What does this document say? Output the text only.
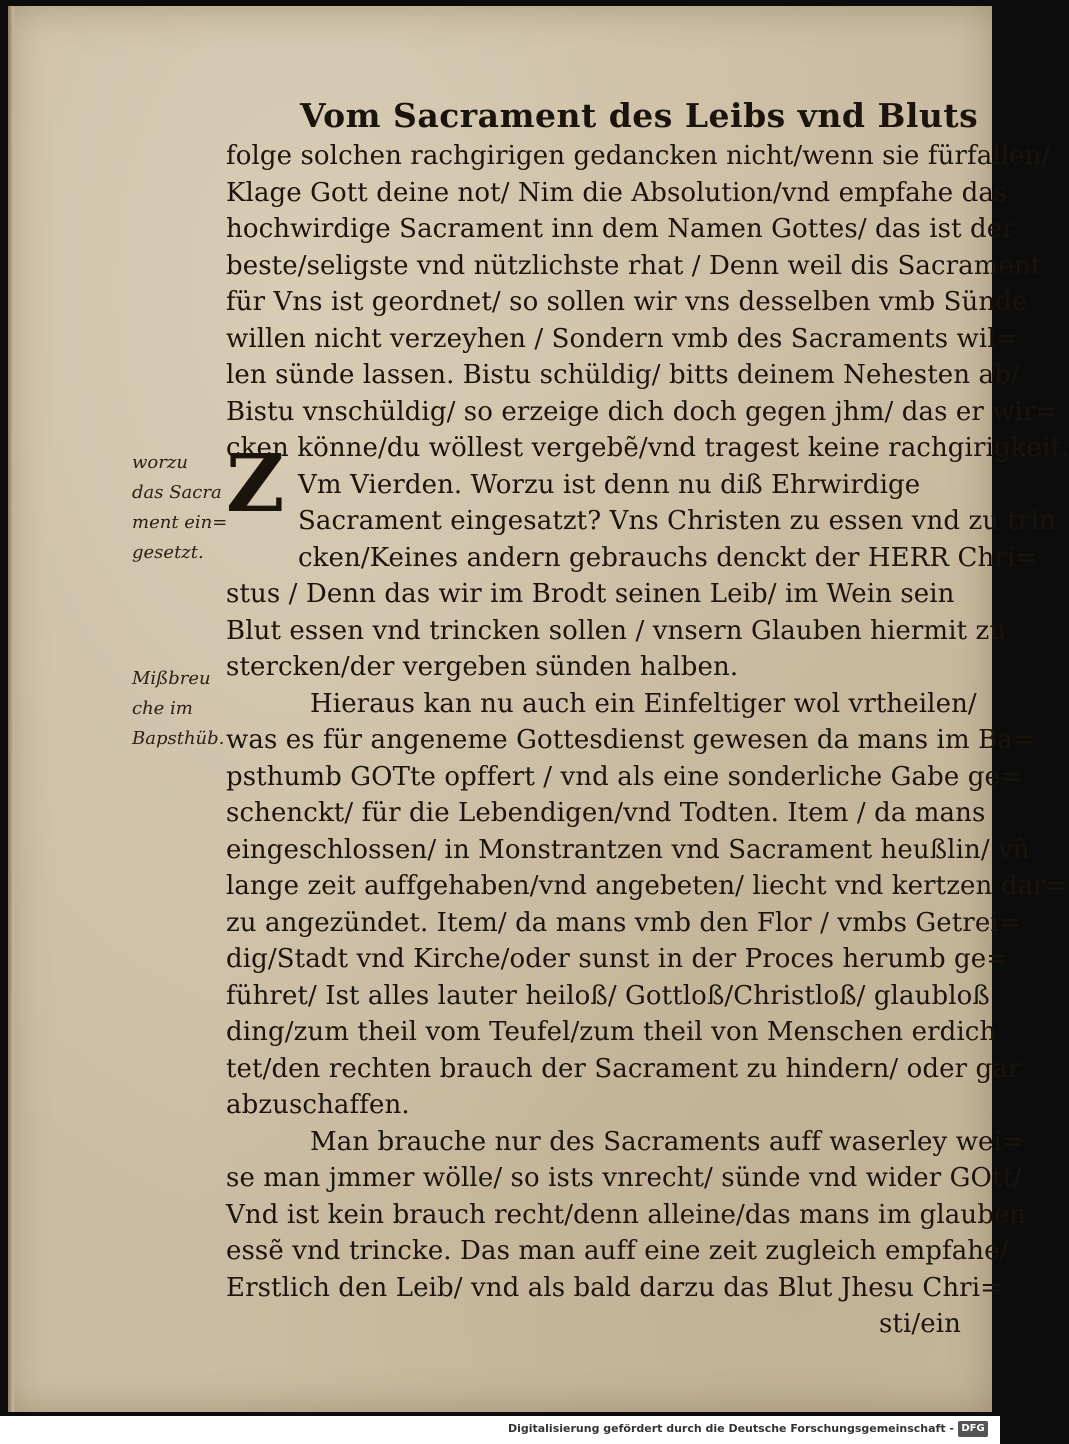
Vom Sacrament des Leibs vnd Bluts
Z
folge solchen rachgirigen gedancken nicht/wenn sie fürfallen/
Klage Gott deine not/ Nim die Absolution/vnd empfahe das
hochwirdige Sacrament inn dem Namen Gottes/ das ist der
beste/seligste vnd nützlichste rhat / Denn weil dis Sacrament
für Vns ist geordnet/ so sollen wir vns desselben vmb Sünde
willen nicht verzeyhen / Sondern vmb des Sacraments wil=
len sünde lassen. Bistu schüldig/ bitts deinem Nehesten ab/
Bistu vnschüldig/ so erzeige dich doch gegen jhm/ das er wir=
cken könne/du wöllest vergebẽ/vnd tragest keine rachgirigkeit.
Vm Vierden. Worzu ist denn nu diß Ehrwirdige
Sacrament eingesatzt? Vns Christen zu essen vnd zu trin
cken/Keines andern gebrauchs denckt der HERR Chri=
stus / Denn das wir im Brodt seinen Leib/ im Wein sein
Blut essen vnd trincken sollen / vnsern Glauben hiermit zu
stercken/der vergeben sünden halben.
Hieraus kan nu auch ein Einfeltiger wol vrtheilen/
was es für angeneme Gottesdienst gewesen da mans im Ba=
psthumb GOTte opffert / vnd als eine sonderliche Gabe ge=
schenckt/ für die Lebendigen/vnd Todten. Item / da mans
eingeschlossen/ in Monstrantzen vnd Sacrament heußlin/ vñ
lange zeit auffgehaben/vnd angebeten/ liecht vnd kertzen dar=
zu angezündet. Item/ da mans vmb den Flor / vmbs Getrei=
dig/Stadt vnd Kirche/oder sunst in der Proces herumb ge=
führet/ Ist alles lauter heiloß/ Gottloß/Christloß/ glaubloß
ding/zum theil vom Teufel/zum theil von Menschen erdich
tet/den rechten brauch der Sacrament zu hindern/ oder gar
abzuschaffen.
Man brauche nur des Sacraments auff waserley wei=
se man jmmer wölle/ so ists vnrecht/ sünde vnd wider GOtt/
Vnd ist kein brauch recht/denn alleine/das mans im glauben
essẽ vnd trincke. Das man auff eine zeit zugleich empfahe/
Erstlich den Leib/ vnd als bald darzu das Blut Jhesu Chri=
sti/ein
worzu
das Sacra
ment ein=
gesetzt.
Mißbreu
che im
Bapsthüb.
Digitalisierung gefördert durch die Deutsche Forschungsgemeinschaft - DFG
